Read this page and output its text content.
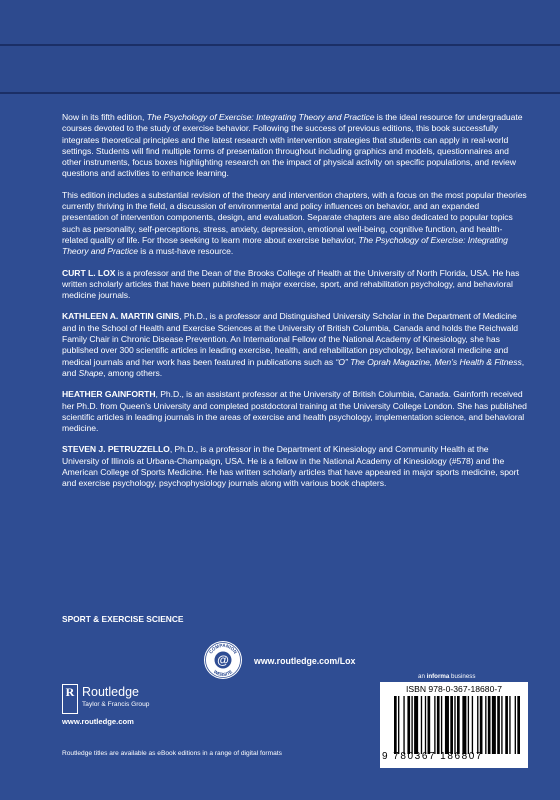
Now in its fifth edition, The Psychology of Exercise: Integrating Theory and Practice is the ideal resource for undergraduate courses devoted to the study of exercise behavior. Following the success of previous editions, this book successfully integrates theoretical principles and the latest research with intervention strategies that students can apply in real-world settings. Students will find multiple forms of presentation throughout including graphics and models, questionnaires and other instruments, focus boxes highlighting research on the impact of physical activity on specific populations, and review questions and activities to enhance learning.

This edition includes a substantial revision of the theory and intervention chapters, with a focus on the most popular theories currently thriving in the field, a discussion of environmental and policy influences on behavior, and an expanded presentation of intervention components, design, and evaluation. Separate chapters are also dedicated to popular topics such as personality, self-perceptions, stress, anxiety, depression, emotional well-being, cognitive function, and health-related quality of life. For those seeking to learn more about exercise behavior, The Psychology of Exercise: Integrating Theory and Practice is a must-have resource.

CURT L. LOX is a professor and the Dean of the Brooks College of Health at the University of North Florida, USA. He has written scholarly articles that have been published in major exercise, sport, and rehabilitation psychology, and behavioral medicine journals.

KATHLEEN A. MARTIN GINIS, Ph.D., is a professor and Distinguished University Scholar in the Department of Medicine and in the School of Health and Exercise Sciences at the University of British Columbia, Canada and holds the Reichwald Family Chair in Chronic Disease Prevention. An International Fellow of the National Academy of Kinesiology, she has published over 300 scientific articles in leading exercise, health, and rehabilitation psychology, behavioral medicine and medical journals and her work has been featured in publications such as “O” The Oprah Magazine, Men’s Health & Fitness, and Shape, among others.

HEATHER GAINFORTH, Ph.D., is an assistant professor at the University of British Columbia, Canada. Gainforth received her Ph.D. from Queen’s University and completed postdoctoral training at the University College London. She has published scientific articles in leading journals in the areas of exercise and health psychology, implementation science, and behavioral medicine.

STEVEN J. PETRUZZELLO, Ph.D., is a professor in the Department of Kinesiology and Community Health at the University of Illinois at Urbana-Champaign, USA. He is a fellow in the National Academy of Kinesiology (#578) and the American College of Sports Medicine. He has written scholarly articles that have appeared in major sports medicine, sport and exercise psychology, psychophysiology journals along with various book chapters.

SPORT & EXERCISE SCIENCE
COMPANION
WEBSITE
@	www.routledge.com/Lox
R Routledge
Taylor & Francis Group
www.routledge.com
an informa business
ISBN 978-0-367-18680-7
9 780367 186807
Routledge titles are available as eBook editions in a range of digital formats
